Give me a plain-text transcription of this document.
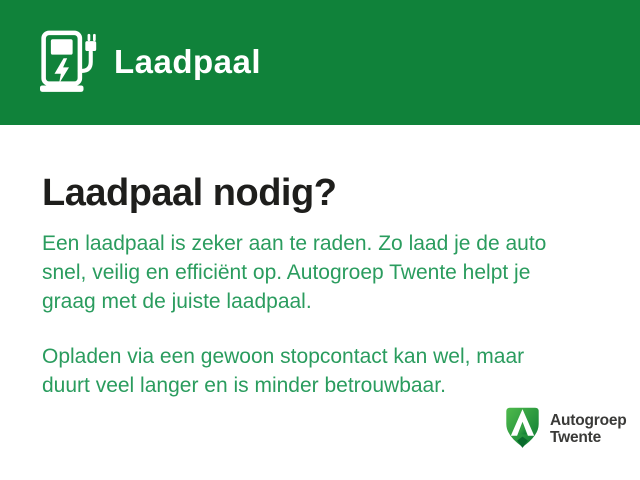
Laadpaal
Laadpaal nodig?
Een laadpaal is zeker aan te raden. Zo laad je de auto
snel, veilig en efficiënt op. Autogroep Twente helpt je
graag met de juiste laadpaal.
Opladen via een gewoon stopcontact kan wel, maar
duurt veel langer en is minder betrouwbaar.
Autogroep
Twente
